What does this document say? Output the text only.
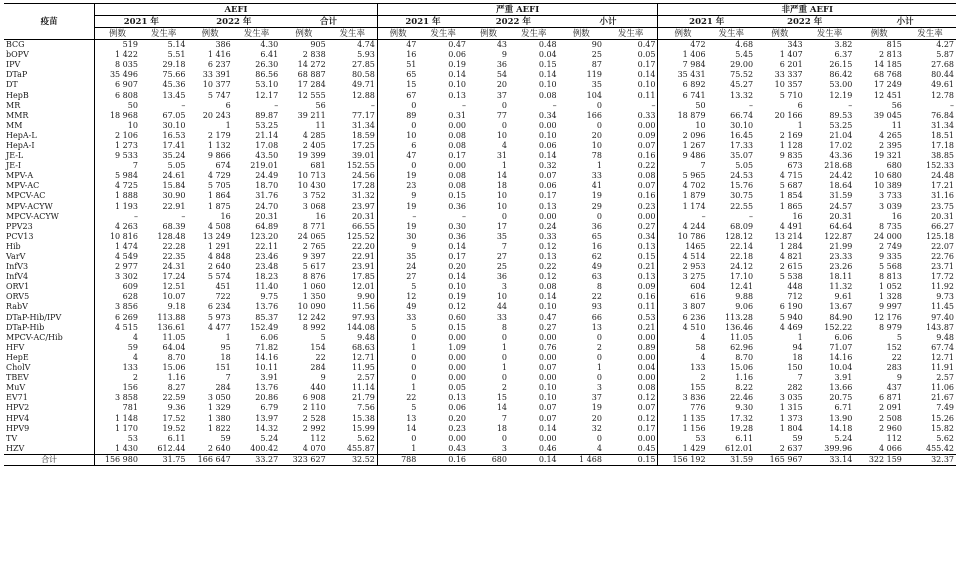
疫苗	AEFI						严重 AEFI						非严重 AEFI					
	2021 年		2022 年		合计		2021 年		2022 年		小计		2021 年		2022 年		小计	
	例数	发生率	例数	发生率	例数	发生率	例数	发生率	例数	发生率	例数	发生率	例数	发生率	例数	发生率	例数	发生率
BCG	519	5.14	386	4.30	905	4.74	47	0.47	43	0.48	90	0.47	472	4.68	343	3.82	815	4.27
bOPV	1 422	5.51	1 416	6.41	2 838	5.93	16	0.06	9	0.04	25	0.05	1 406	5.45	1 407	6.37	2 813	5.87
IPV	8 035	29.18	6 237	26.30	14 272	27.85	51	0.19	36	0.15	87	0.17	7 984	29.00	6 201	26.15	14 185	27.68
DTaP	35 496	75.66	33 391	86.56	68 887	80.58	65	0.14	54	0.14	119	0.14	35 431	75.52	33 337	86.42	68 768	80.44
DT	6 907	45.36	10 377	53.10	17 284	49.71	15	0.10	20	0.10	35	0.10	6 892	45.27	10 357	53.00	17 249	49.61
HepB	6 808	13.45	5 747	12.17	12 555	12.88	67	0.13	37	0.08	104	0.11	6 741	13.32	5 710	12.19	12 451	12.78
MR	50	–	6	–	56	–	0	–	0	–	0	–	50	–	6	–	56	–
MMR	18 968	67.05	20 243	89.87	39 211	77.17	89	0.31	77	0.34	166	0.33	18 879	66.74	20 166	89.53	39 045	76.84
MM	10	30.10	1	53.25	11	31.34	0	0.00	0	0.00	0	0.00	10	30.10	1	53.25	11	31.34
HepA-L	2 106	16.53	2 179	21.14	4 285	18.59	10	0.08	10	0.10	20	0.09	2 096	16.45	2 169	21.04	4 265	18.51
HepA-I	1 273	17.41	1 132	17.08	2 405	17.25	6	0.08	4	0.06	10	0.07	1 267	17.33	1 128	17.02	2 395	17.18
JE-L	9 533	35.24	9 866	43.50	19 399	39.01	47	0.17	31	0.14	78	0.16	9 486	35.07	9 835	43.36	19 321	38.85
JE-I	7	5.05	674	219.01	681	152.55	0	0.00	1	0.32	1	0.22	7	5.05	673	218.68	680	152.33
MPV-A	5 984	24.61	4 729	24.49	10 713	24.56	19	0.08	14	0.07	33	0.08	5 965	24.53	4 715	24.42	10 680	24.48
MPV-AC	4 725	15.84	5 705	18.70	10 430	17.28	23	0.08	18	0.06	41	0.07	4 702	15.76	5 687	18.64	10 389	17.21
MPCV-AC	1 888	30.90	1 864	31.76	3 752	31.32	9	0.15	10	0.17	19	0.16	1 879	30.75	1 854	31.59	3 733	31.16
MPV-ACYW	1 193	22.91	1 875	24.70	3 068	23.97	19	0.36	10	0.13	29	0.23	1 174	22.55	1 865	24.57	3 039	23.75
MPCV-ACYW	–	–	16	20.31	16	20.31	–	–	0	0.00	0	0.00	–	–	16	20.31	16	20.31
PPV23	4 263	68.39	4 508	64.89	8 771	66.55	19	0.30	17	0.24	36	0.27	4 244	68.09	4 491	64.64	8 735	66.27
PCV13	10 816	128.48	13 249	123.20	24 065	125.52	30	0.36	35	0.33	65	0.34	10 786	128.12	13 214	122.87	24 000	125.18
Hib	1 474	22.28	1 291	22.11	2 765	22.20	9	0.14	7	0.12	16	0.13	1465	22.14	1 284	21.99	2 749	22.07
VarV	4 549	22.35	4 848	23.46	9 397	22.91	35	0.17	27	0.13	62	0.15	4 514	22.18	4 821	23.33	9 335	22.76
InfV3	2 977	24.31	2 640	23.48	5 617	23.91	24	0.20	25	0.22	49	0.21	2 953	24.12	2 615	23.26	5 568	23.71
InfV4	3 302	17.24	5 574	18.23	8 876	17.85	27	0.14	36	0.12	63	0.13	3 275	17.10	5 538	18.11	8 813	17.72
ORV1	609	12.51	451	11.40	1 060	12.01	5	0.10	3	0.08	8	0.09	604	12.41	448	11.32	1 052	11.92
ORV5	628	10.07	722	9.75	1 350	9.90	12	0.19	10	0.14	22	0.16	616	9.88	712	9.61	1 328	9.73
RabV	3 856	9.18	6 234	13.76	10 090	11.56	49	0.12	44	0.10	93	0.11	3 807	9.06	6 190	13.67	9 997	11.45
DTaP-Hib/IPV	6 269	113.88	5 973	85.37	12 242	97.93	33	0.60	33	0.47	66	0.53	6 236	113.28	5 940	84.90	12 176	97.40
DTaP-Hib	4 515	136.61	4 477	152.49	8 992	144.08	5	0.15	8	0.27	13	0.21	4 510	136.46	4 469	152.22	8 979	143.87
MPCV-AC/Hib	4	11.05	1	6.06	5	9.48	0	0.00	0	0.00	0	0.00	4	11.05	1	6.06	5	9.48
HFV	59	64.04	95	71.82	154	68.63	1	1.09	1	0.76	2	0.89	58	62.96	94	71.07	152	67.74
HepE	4	8.70	18	14.16	22	12.71	0	0.00	0	0.00	0	0.00	4	8.70	18	14.16	22	12.71
CholV	133	15.06	151	10.11	284	11.95	0	0.00	1	0.07	1	0.04	133	15.06	150	10.04	283	11.91
TBEV	2	1.16	7	3.91	9	2.57	0	0.00	0	0.00	0	0.00	2	1.16	7	3.91	9	2.57
MuV	156	8.27	284	13.76	440	11.14	1	0.05	2	0.10	3	0.08	155	8.22	282	13.66	437	11.06
EV71	3 858	22.59	3 050	20.86	6 908	21.79	22	0.13	15	0.10	37	0.12	3 836	22.46	3 035	20.75	6 871	21.67
HPV2	781	9.36	1 329	6.79	2 110	7.56	5	0.06	14	0.07	19	0.07	776	9.30	1 315	6.71	2 091	7.49
HPV4	1 148	17.52	1 380	13.97	2 528	15.38	13	0.20	7	0.07	20	0.12	1 135	17.32	1 373	13.90	2 508	15.26
HPV9	1 170	19.52	1 822	14.32	2 992	15.99	14	0.23	18	0.14	32	0.17	1 156	19.28	1 804	14.18	2 960	15.82
TV	53	6.11	59	5.24	112	5.62	0	0.00	0	0.00	0	0.00	53	6.11	59	5.24	112	5.62
HZV	1 430	612.44	2 640	400.42	4 070	455.87	1	0.43	3	0.46	4	0.45	1 429	612.01	2 637	399.96	4 066	455.42
合计	156 980	31.75	166 647	33.27	323 627	32.52	788	0.16	680	0.14	1 468	0.15	156 192	31.59	165 967	33.14	322 159	32.37
